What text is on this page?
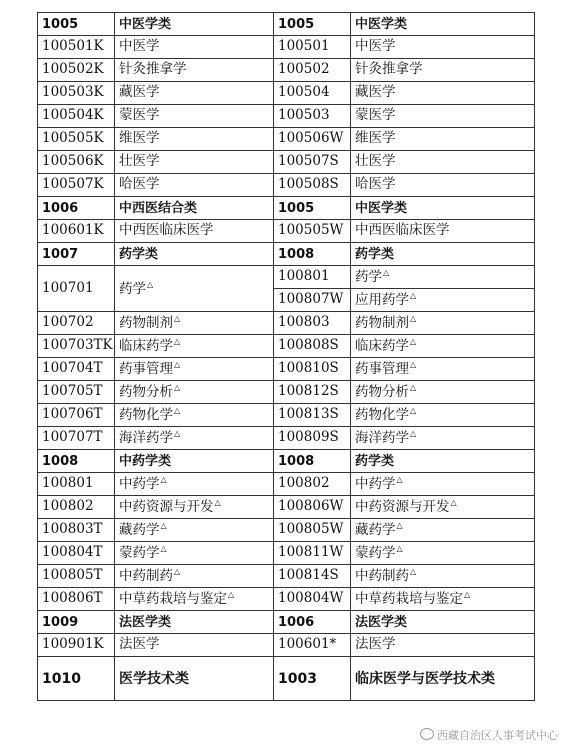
1005	中医学类	1005	中医学类
100501K	中医学	100501	中医学
100502K	针灸推拿学	100502	针灸推拿学
100503K	藏医学	100504	藏医学
100504K	蒙医学	100503	蒙医学
100505K	维医学	100506W	维医学
100506K	壮医学	100507S	壮医学
100507K	哈医学	100508S	哈医学
1006	中西医结合类	1005	中医学类
100601K	中西医临床医学	100505W	中西医临床医学
1007	药学类	1008	药学类
100701	药学△	100801	药学△
		100807W	应用药学△
100702	药物制剂△	100803	药物制剂△
100703TK	临床药学△	100808S	临床药学△
100704T	药事管理△	100810S	药事管理△
100705T	药物分析△	100812S	药物分析△
100706T	药物化学△	100813S	药物化学△
100707T	海洋药学△	100809S	海洋药学△
1008	中药学类	1008	药学类
100801	中药学△	100802	中药学△
100802	中药资源与开发△	100806W	中药资源与开发△
100803T	藏药学△	100805W	藏药学△
100804T	蒙药学△	100811W	蒙药学△
100805T	中药制药△	100814S	中药制药△
100806T	中草药栽培与鉴定△	100804W	中草药栽培与鉴定△
1009	法医学类	1006	法医学类
100901K	法医学	100601*	法医学
1010	医学技术类	1003	临床医学与医学技术类
西藏自治区人事考试中心
